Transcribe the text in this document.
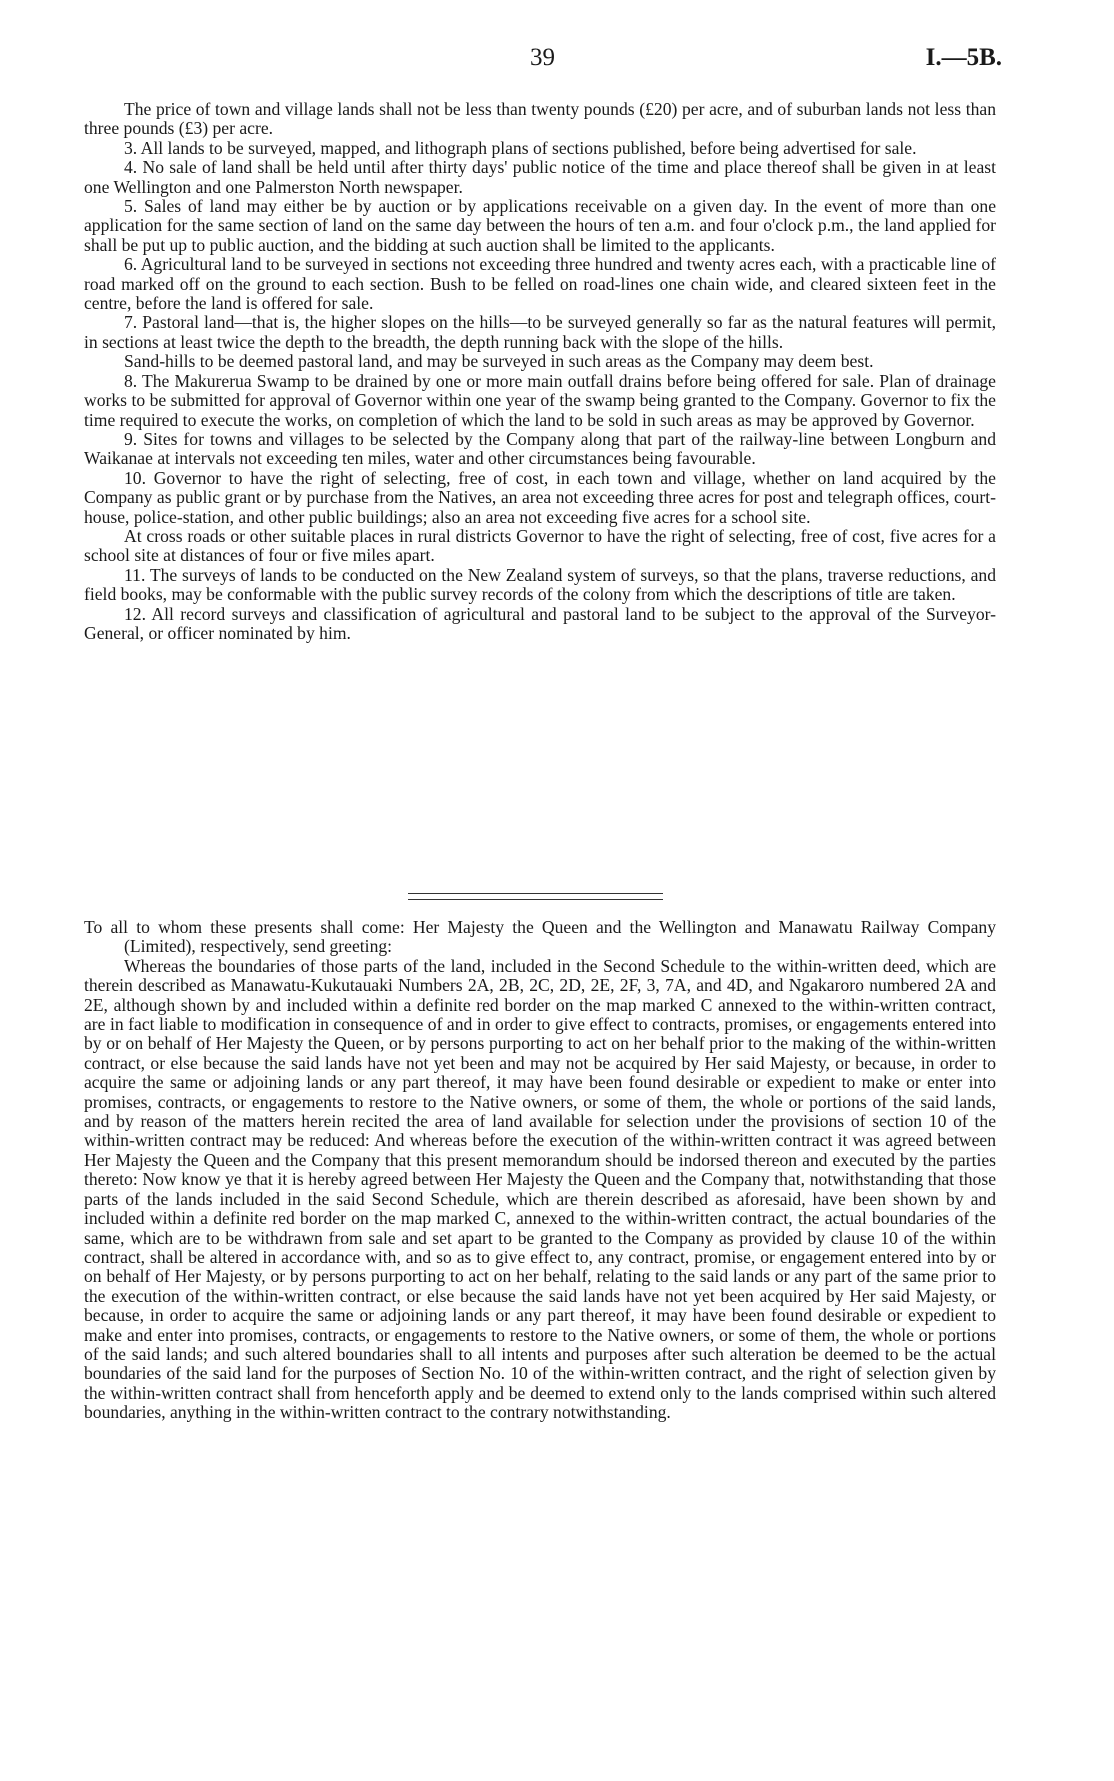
39	I.—5B.

The price of town and village lands shall not be less than twenty pounds (£20) per acre, and of suburban lands not less than three pounds (£3) per acre.

3. All lands to be surveyed, mapped, and lithograph plans of sections published, before being advertised for sale.

4. No sale of land shall be held until after thirty days' public notice of the time and place thereof shall be given in at least one Wellington and one Palmerston North newspaper.

5. Sales of land may either be by auction or by applications receivable on a given day. In the event of more than one application for the same section of land on the same day between the hours of ten a.m. and four o'clock p.m., the land applied for shall be put up to public auction, and the bidding at such auction shall be limited to the applicants.

6. Agricultural land to be surveyed in sections not exceeding three hundred and twenty acres each, with a practicable line of road marked off on the ground to each section. Bush to be felled on road-lines one chain wide, and cleared sixteen feet in the centre, before the land is offered for sale.

7. Pastoral land—that is, the higher slopes on the hills—to be surveyed generally so far as the natural features will permit, in sections at least twice the depth to the breadth, the depth running back with the slope of the hills.

Sand-hills to be deemed pastoral land, and may be surveyed in such areas as the Company may deem best.

8. The Makurerua Swamp to be drained by one or more main outfall drains before being offered for sale. Plan of drainage works to be submitted for approval of Governor within one year of the swamp being granted to the Company. Governor to fix the time required to execute the works, on completion of which the land to be sold in such areas as may be approved by Governor.

9. Sites for towns and villages to be selected by the Company along that part of the railway-line between Longburn and Waikanae at intervals not exceeding ten miles, water and other circumstances being favourable.

10. Governor to have the right of selecting, free of cost, in each town and village, whether on land acquired by the Company as public grant or by purchase from the Natives, an area not exceeding three acres for post and telegraph offices, court-house, police-station, and other public buildings; also an area not exceeding five acres for a school site.

At cross roads or other suitable places in rural districts Governor to have the right of selecting, free of cost, five acres for a school site at distances of four or five miles apart.

11. The surveys of lands to be conducted on the New Zealand system of surveys, so that the plans, traverse reductions, and field books, may be conformable with the public survey records of the colony from which the descriptions of title are taken.

12. All record surveys and classification of agricultural and pastoral land to be subject to the approval of the Surveyor-General, or officer nominated by him.

To all to whom these presents shall come: Her Majesty the Queen and the Wellington and Manawatu Railway Company (Limited), respectively, send greeting:

Whereas the boundaries of those parts of the land, included in the Second Schedule to the within-written deed, which are therein described as Manawatu-Kukutauaki Numbers 2A, 2B, 2C, 2D, 2E, 2F, 3, 7A, and 4D, and Ngakaroro numbered 2A and 2E, although shown by and included within a definite red border on the map marked C annexed to the within-written contract, are in fact liable to modification in consequence of and in order to give effect to contracts, promises, or engagements entered into by or on behalf of Her Majesty the Queen, or by persons purporting to act on her behalf prior to the making of the within-written contract, or else because the said lands have not yet been and may not be acquired by Her said Majesty, or because, in order to acquire the same or adjoining lands or any part thereof, it may have been found desirable or expedient to make or enter into promises, contracts, or engagements to restore to the Native owners, or some of them, the whole or portions of the said lands, and by reason of the matters herein recited the area of land available for selection under the provisions of section 10 of the within-written contract may be reduced: And whereas before the execution of the within-written contract it was agreed between Her Majesty the Queen and the Company that this present memorandum should be indorsed thereon and executed by the parties thereto: Now know ye that it is hereby agreed between Her Majesty the Queen and the Company that, notwithstanding that those parts of the lands included in the said Second Schedule, which are therein described as aforesaid, have been shown by and included within a definite red border on the map marked C, annexed to the within-written contract, the actual boundaries of the same, which are to be withdrawn from sale and set apart to be granted to the Company as provided by clause 10 of the within contract, shall be altered in accordance with, and so as to give effect to, any contract, promise, or engagement entered into by or on behalf of Her Majesty, or by persons purporting to act on her behalf, relating to the said lands or any part of the same prior to the execution of the within-written contract, or else because the said lands have not yet been acquired by Her said Majesty, or because, in order to acquire the same or adjoining lands or any part thereof, it may have been found desirable or expedient to make and enter into promises, contracts, or engagements to restore to the Native owners, or some of them, the whole or portions of the said lands; and such altered boundaries shall to all intents and purposes after such alteration be deemed to be the actual boundaries of the said land for the purposes of Section No. 10 of the within-written contract, and the right of selection given by the within-written contract shall from henceforth apply and be deemed to extend only to the lands comprised within such altered boundaries, anything in the within-written contract to the contrary notwithstanding.
